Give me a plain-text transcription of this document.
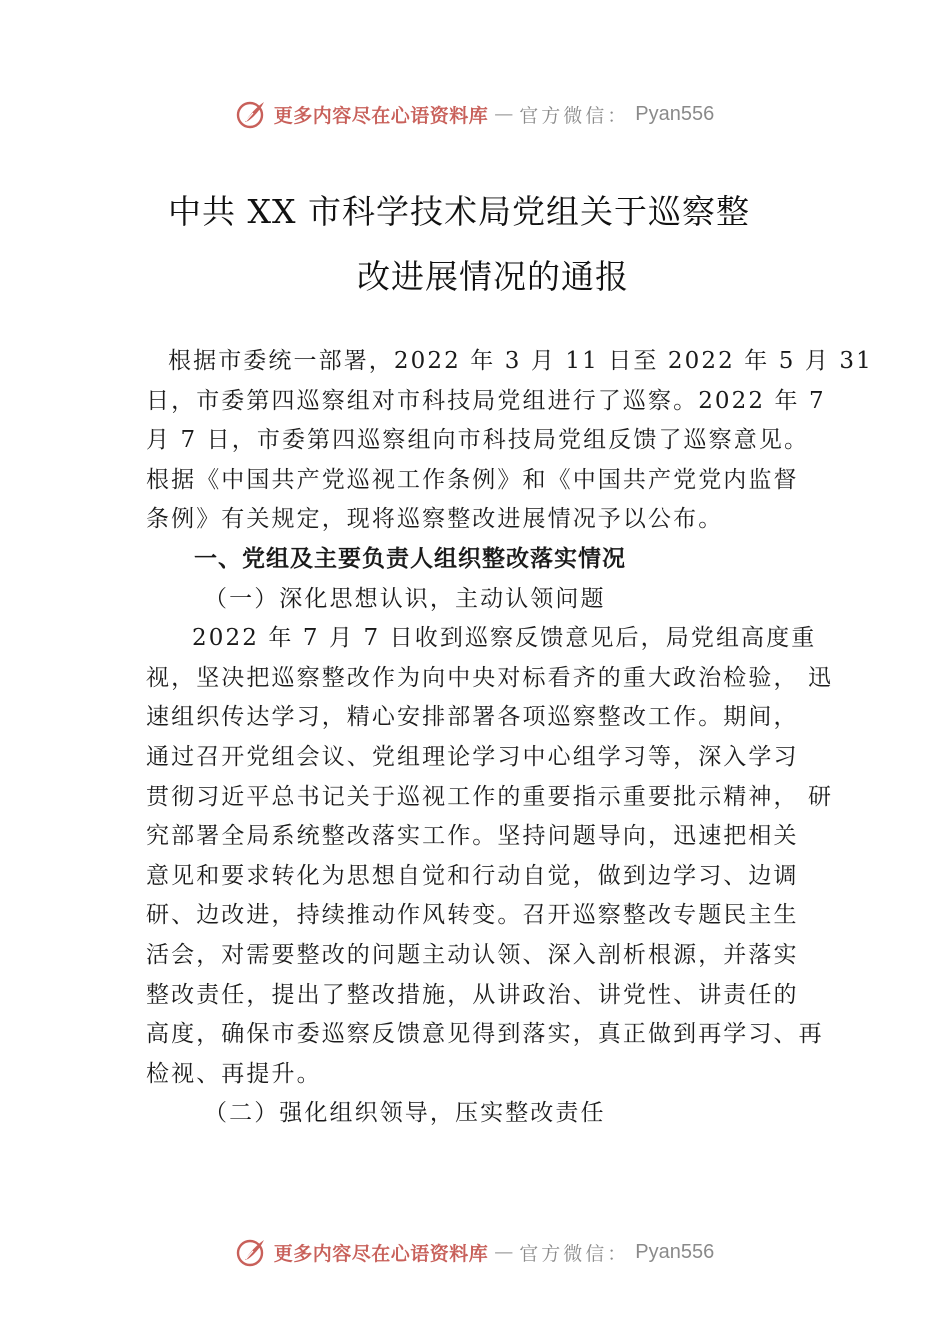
更多内容尽在心语资料库 — 官方微信： Pyan556
中共 XX 市科学技术局党组关于巡察整
改进展情况的通报
根据市委统一部署，2022 年 3 月 11 日至 2022 年 5 月 31
日，市委第四巡察组对市科技局党组进行了巡察。2022 年 7
月 7 日，市委第四巡察组向市科技局党组反馈了巡察意见。
根据《中国共产党巡视工作条例》和《中国共产党党内监督
条例》有关规定，现将巡察整改进展情况予以公布。
一、党组及主要负责人组织整改落实情况
（一）深化思想认识，主动认领问题
2022 年 7 月 7 日收到巡察反馈意见后，局党组高度重
视，坚决把巡察整改作为向中央对标看齐的重大政治检验， 迅
速组织传达学习，精心安排部署各项巡察整改工作。期间，
通过召开党组会议、党组理论学习中心组学习等，深入学习
贯彻习近平总书记关于巡视工作的重要指示重要批示精神， 研
究部署全局系统整改落实工作。坚持问题导向，迅速把相关
意见和要求转化为思想自觉和行动自觉，做到边学习、边调
研、边改进，持续推动作风转变。召开巡察整改专题民主生
活会，对需要整改的问题主动认领、深入剖析根源，并落实
整改责任，提出了整改措施，从讲政治、讲党性、讲责任的
高度，确保市委巡察反馈意见得到落实，真正做到再学习、再
检视、再提升。
（二）强化组织领导，压实整改责任
更多内容尽在心语资料库 — 官方微信： Pyan556
